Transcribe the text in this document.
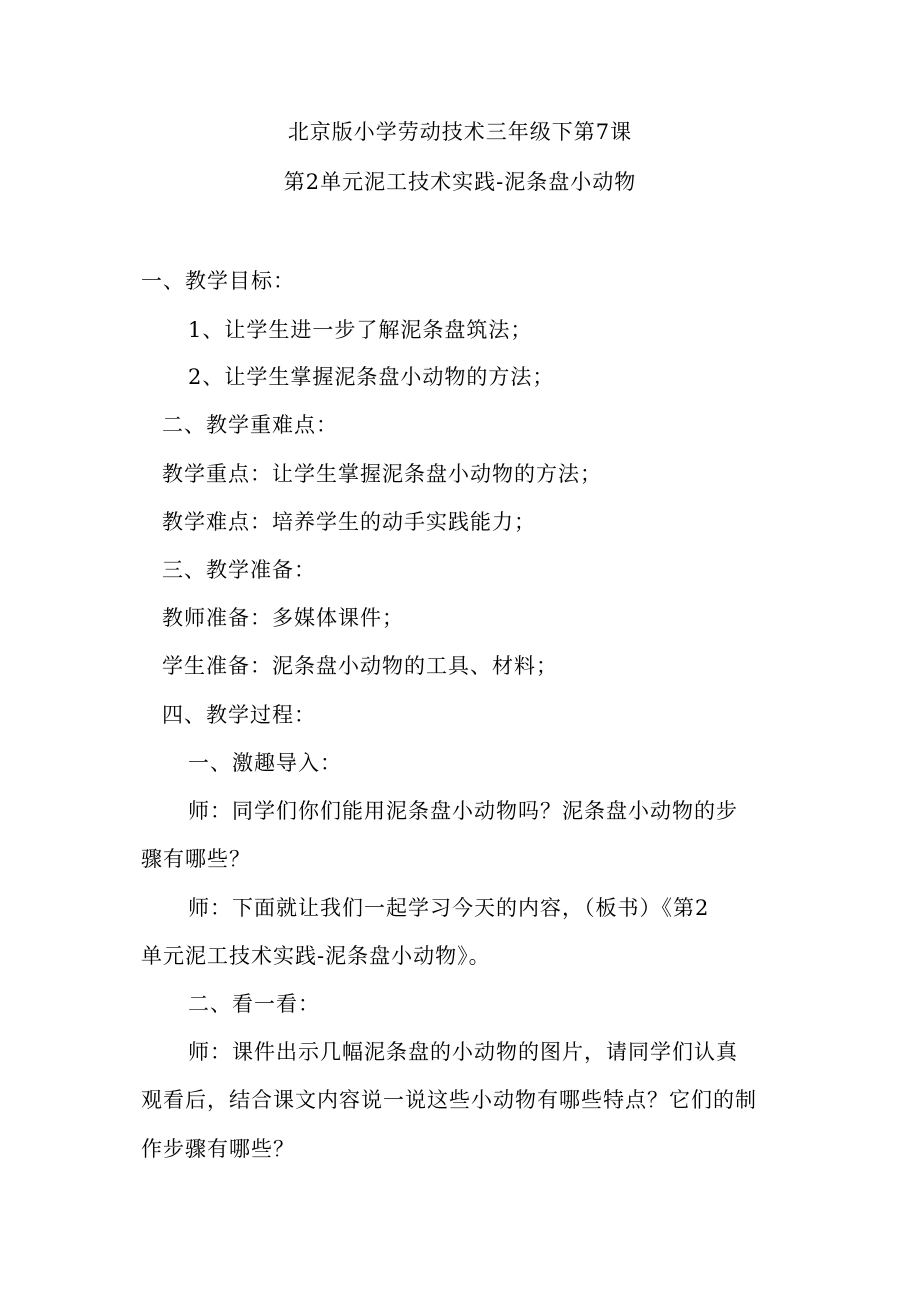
北京版小学劳动技术三年级下第7课
第2单元泥工技术实践-泥条盘小动物
一、教学目标：
1、让学生进一步了解泥条盘筑法；
2、让学生掌握泥条盘小动物的方法；
二、教学重难点：
教学重点：让学生掌握泥条盘小动物的方法；
教学难点：培养学生的动手实践能力；
三、教学准备：
教师准备：多媒体课件；
学生准备：泥条盘小动物的工具、材料；
四、教学过程：
一、激趣导入：
师：同学们你们能用泥条盘小动物吗？泥条盘小动物的步
骤有哪些？
师：下面就让我们一起学习今天的内容，（板书）《第2
单元泥工技术实践-泥条盘小动物》。
二、看一看：
师：课件出示几幅泥条盘的小动物的图片，请同学们认真
观看后，结合课文内容说一说这些小动物有哪些特点？它们的制
作步骤有哪些？
